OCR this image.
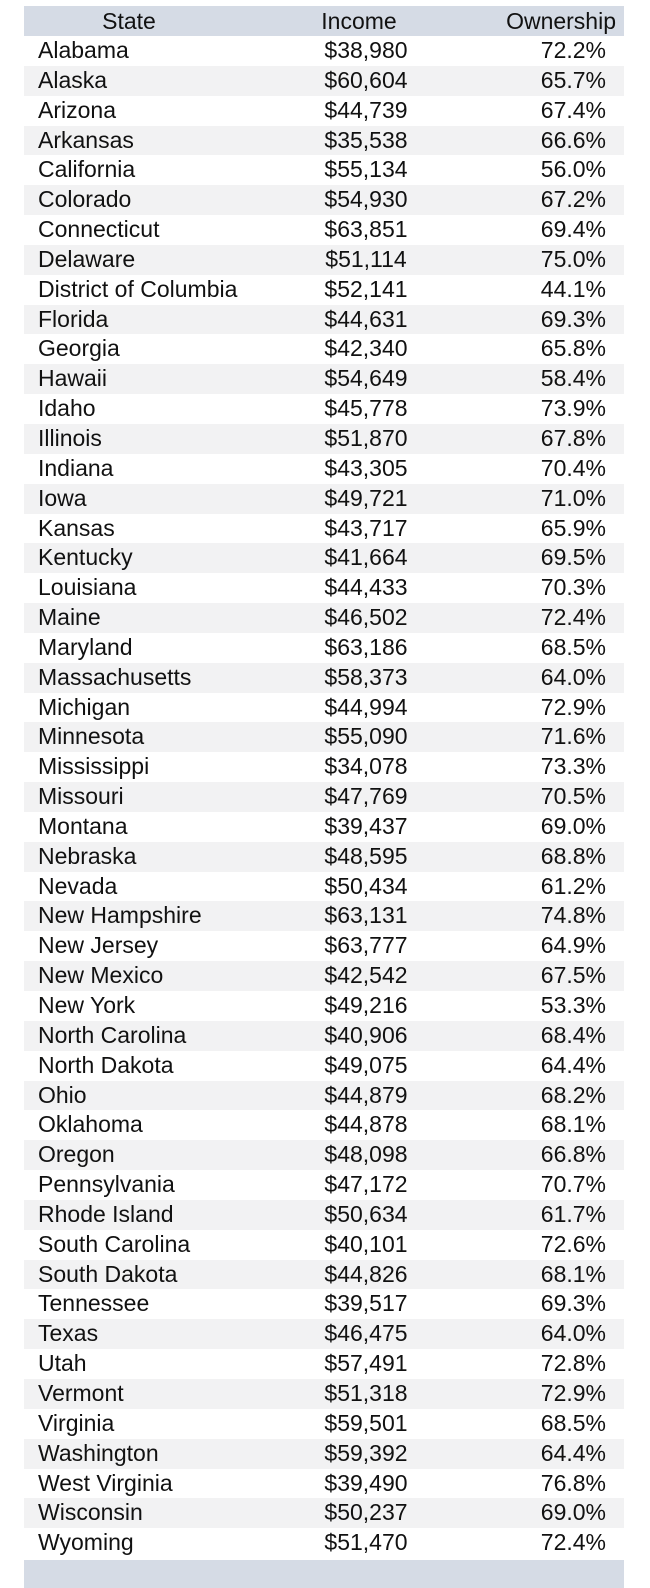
State	Income	Ownership
Alabama	$38,980	72.2%
Alaska	$60,604	65.7%
Arizona	$44,739	67.4%
Arkansas	$35,538	66.6%
California	$55,134	56.0%
Colorado	$54,930	67.2%
Connecticut	$63,851	69.4%
Delaware	$51,114	75.0%
District of Columbia	$52,141	44.1%
Florida	$44,631	69.3%
Georgia	$42,340	65.8%
Hawaii	$54,649	58.4%
Idaho	$45,778	73.9%
Illinois	$51,870	67.8%
Indiana	$43,305	70.4%
Iowa	$49,721	71.0%
Kansas	$43,717	65.9%
Kentucky	$41,664	69.5%
Louisiana	$44,433	70.3%
Maine	$46,502	72.4%
Maryland	$63,186	68.5%
Massachusetts	$58,373	64.0%
Michigan	$44,994	72.9%
Minnesota	$55,090	71.6%
Mississippi	$34,078	73.3%
Missouri	$47,769	70.5%
Montana	$39,437	69.0%
Nebraska	$48,595	68.8%
Nevada	$50,434	61.2%
New Hampshire	$63,131	74.8%
New Jersey	$63,777	64.9%
New Mexico	$42,542	67.5%
New York	$49,216	53.3%
North Carolina	$40,906	68.4%
North Dakota	$49,075	64.4%
Ohio	$44,879	68.2%
Oklahoma	$44,878	68.1%
Oregon	$48,098	66.8%
Pennsylvania	$47,172	70.7%
Rhode Island	$50,634	61.7%
South Carolina	$40,101	72.6%
South Dakota	$44,826	68.1%
Tennessee	$39,517	69.3%
Texas	$46,475	64.0%
Utah	$57,491	72.8%
Vermont	$51,318	72.9%
Virginia	$59,501	68.5%
Washington	$59,392	64.4%
West Virginia	$39,490	76.8%
Wisconsin	$50,237	69.0%
Wyoming	$51,470	72.4%
